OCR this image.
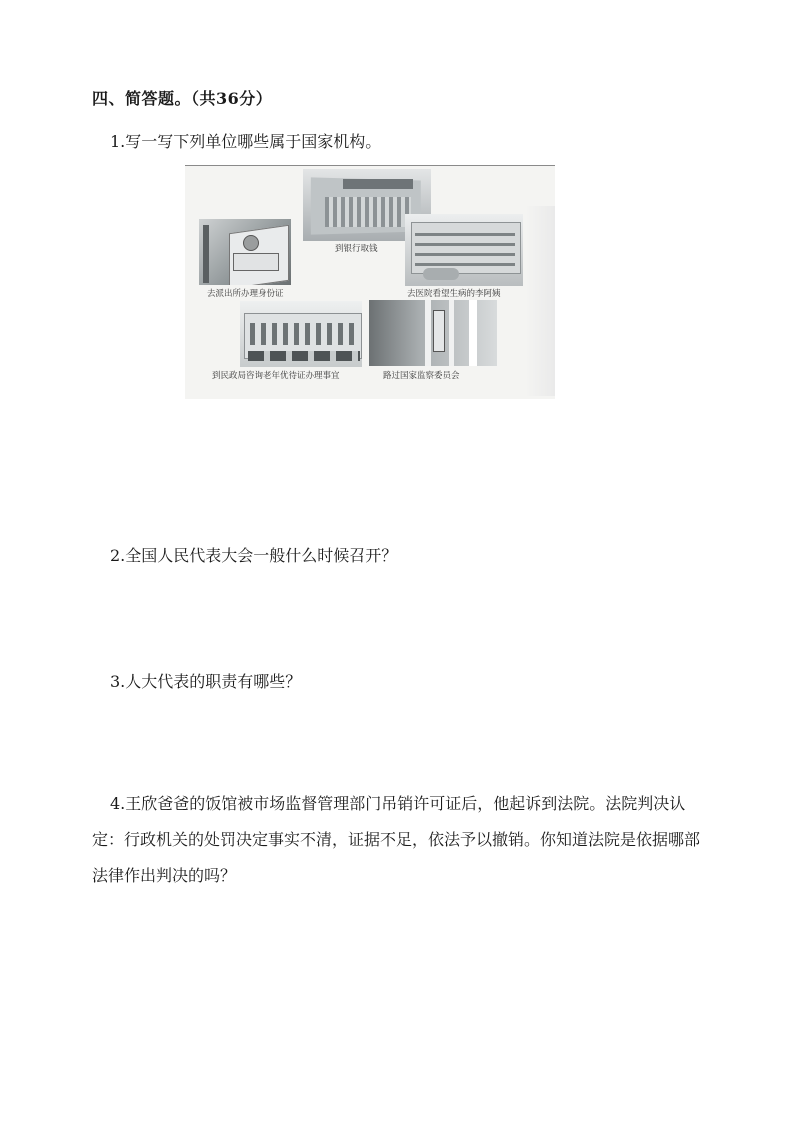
四、简答题。（共36分）
1.写一写下列单位哪些属于国家机构。
到银行取钱
去派出所办理身份证	去医院看望生病的李阿姨
到民政局咨询老年优待证办理事宜	路过国家监察委员会
2.全国人民代表大会一般什么时候召开？
3.人大代表的职责有哪些？
4.王欣爸爸的饭馆被市场监督管理部门吊销许可证后，他起诉到法院。法院判决认定：行政机关的处罚决定事实不清，证据不足，依法予以撤销。你知道法院是依据哪部法律作出判决的吗？
